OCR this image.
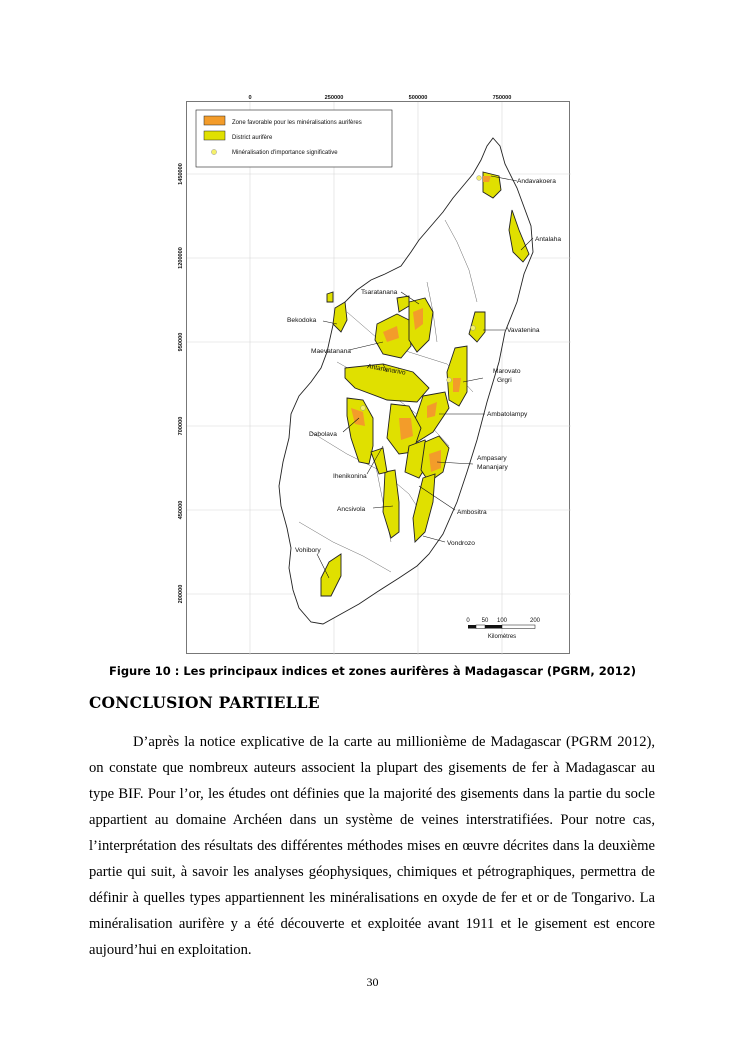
0	250000	500000	750000
1450000
1200000
950000
700000
450000
200000
Zone favorable pour les minéralisations aurifères
District aurifère
Minéralisation d'importance significative
Andavakoera
Antalaha
Tsaratanana
Bekodoka
Vavatenina
Maevatanana
Antananarivo	Marovato
Grgri
Ambatolampy
Dabolava
Ampasary
Mananjary
Ihenikonina
Ambositra
Ancsivola
Vondrozo
Vohibory
0 50 100	200
Kilomètres
Figure 10 : Les principaux indices et zones aurifères à Madagascar (PGRM, 2012)
CONCLUSION PARTIELLE

D’après la notice explicative de la carte au millionième de Madagascar (PGRM 2012), on constate que nombreux auteurs associent la plupart des gisements de fer à Madagascar au type BIF. Pour l’or, les études ont définies que la majorité des gisements dans la partie du socle appartient au domaine Archéen dans un système de veines interstratifiées. Pour notre cas, l’interprétation des résultats des différentes méthodes mises en œuvre décrites dans la deuxième partie qui suit, à savoir les analyses géophysiques, chimiques et pétrographiques, permettra de définir à quelles types appartiennent les minéralisations en oxyde de fer et or de Tongarivo. La minéralisation aurifère y a été découverte et exploitée avant 1911 et le gisement est encore aujourd’hui en exploitation.

30
